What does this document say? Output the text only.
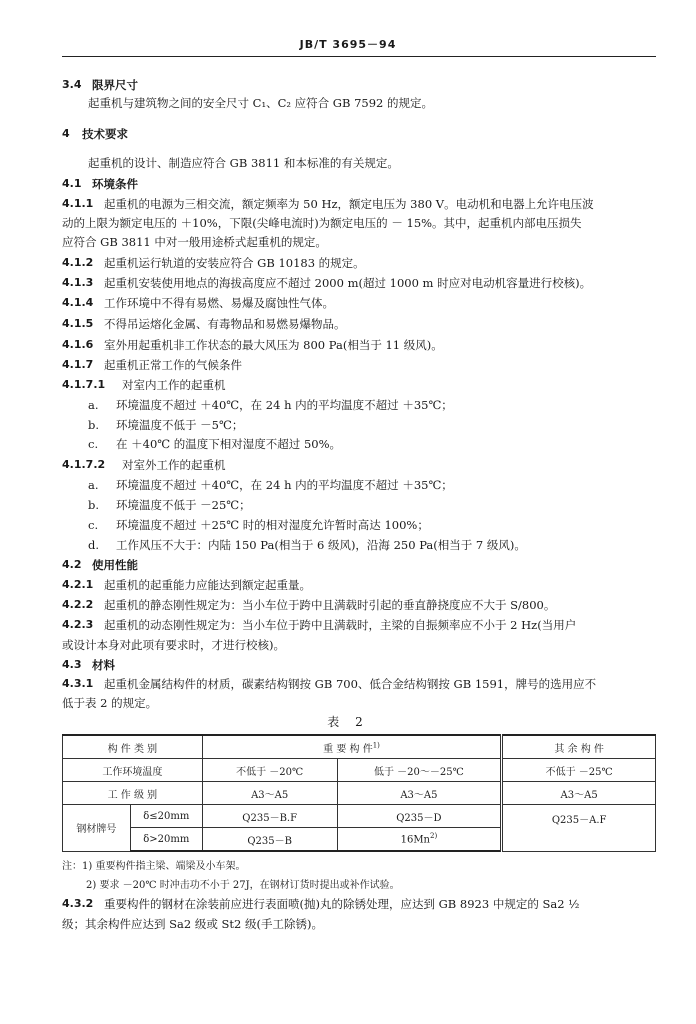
JB/T 3695－94
3.4 限界尺寸
起重机与建筑物之间的安全尺寸 C₁、C₂ 应符合 GB 7592 的规定。
4 技术要求
起重机的设计、制造应符合 GB 3811 和本标准的有关规定。
4.1 环境条件
4.1.1 起重机的电源为三相交流，额定频率为 50 Hz，额定电压为 380 V。电动机和电器上允许电压波
动的上限为额定电压的 ＋10%，下限(尖峰电流时)为额定电压的 － 15%。其中，起重机内部电压损失
应符合 GB 3811 中对一般用途桥式起重机的规定。
4.1.2 起重机运行轨道的安装应符合 GB 10183 的规定。
4.1.3 起重机安装使用地点的海拔高度应不超过 2000 m(超过 1000 m 时应对电动机容量进行校核)。
4.1.4 工作环境中不得有易燃、易爆及腐蚀性气体。
4.1.5 不得吊运熔化金属、有毒物品和易燃易爆物品。
4.1.6 室外用起重机非工作状态的最大风压为 800 Pa(相当于 11 级风)。
4.1.7 起重机正常工作的气候条件
4.1.7.1 对室内工作的起重机
a. 环境温度不超过 ＋40℃，在 24 h 内的平均温度不超过 ＋35℃；
b. 环境温度不低于 －5℃；
c. 在 ＋40℃ 的温度下相对湿度不超过 50%。
4.1.7.2 对室外工作的起重机
a. 环境温度不超过 ＋40℃，在 24 h 内的平均温度不超过 ＋35℃；
b. 环境温度不低于 －25℃；
c. 环境温度不超过 ＋25℃ 时的相对湿度允许暂时高达 100%；
d. 工作风压不大于：内陆 150 Pa(相当于 6 级风)，沿海 250 Pa(相当于 7 级风)。
4.2 使用性能
4.2.1 起重机的起重能力应能达到额定起重量。
4.2.2 起重机的静态刚性规定为：当小车位于跨中且满载时引起的垂直静挠度应不大于 S/800。
4.2.3 起重机的动态刚性规定为：当小车位于跨中且满载时，主梁的自振频率应不小于 2 Hz(当用户
或设计本身对此项有要求时，才进行校核)。
4.3 材料
4.3.1 起重机金属结构件的材质，碳素结构钢按 GB 700、低合金结构钢按 GB 1591，牌号的选用应不
低于表 2 的规定。
表 2
构 件 类 别		重 要 构 件$^{1)}$		其 余 构 件
工作环境温度		不低于 －20℃	低于 －20～－25℃	不低于 －25℃
工 作 级 别		A3～A5	A3～A5	A3～A5
钢材牌号	δ≤20mm	Q235－B.F	Q235－D	Q235－A.F
	δ>20mm	Q235－B	16Mn$^{2)}$
注：1) 重要构件指主梁、端梁及小车架。
2) 要求 －20℃ 时冲击功不小于 27J，在钢材订货时提出或补作试验。
4.3.2 重要构件的钢材在涂装前应进行表面喷(抛)丸的除锈处理，应达到 GB 8923 中规定的 Sa2 ½
级；其余构件应达到 Sa2 级或 St2 级(手工除锈)。
